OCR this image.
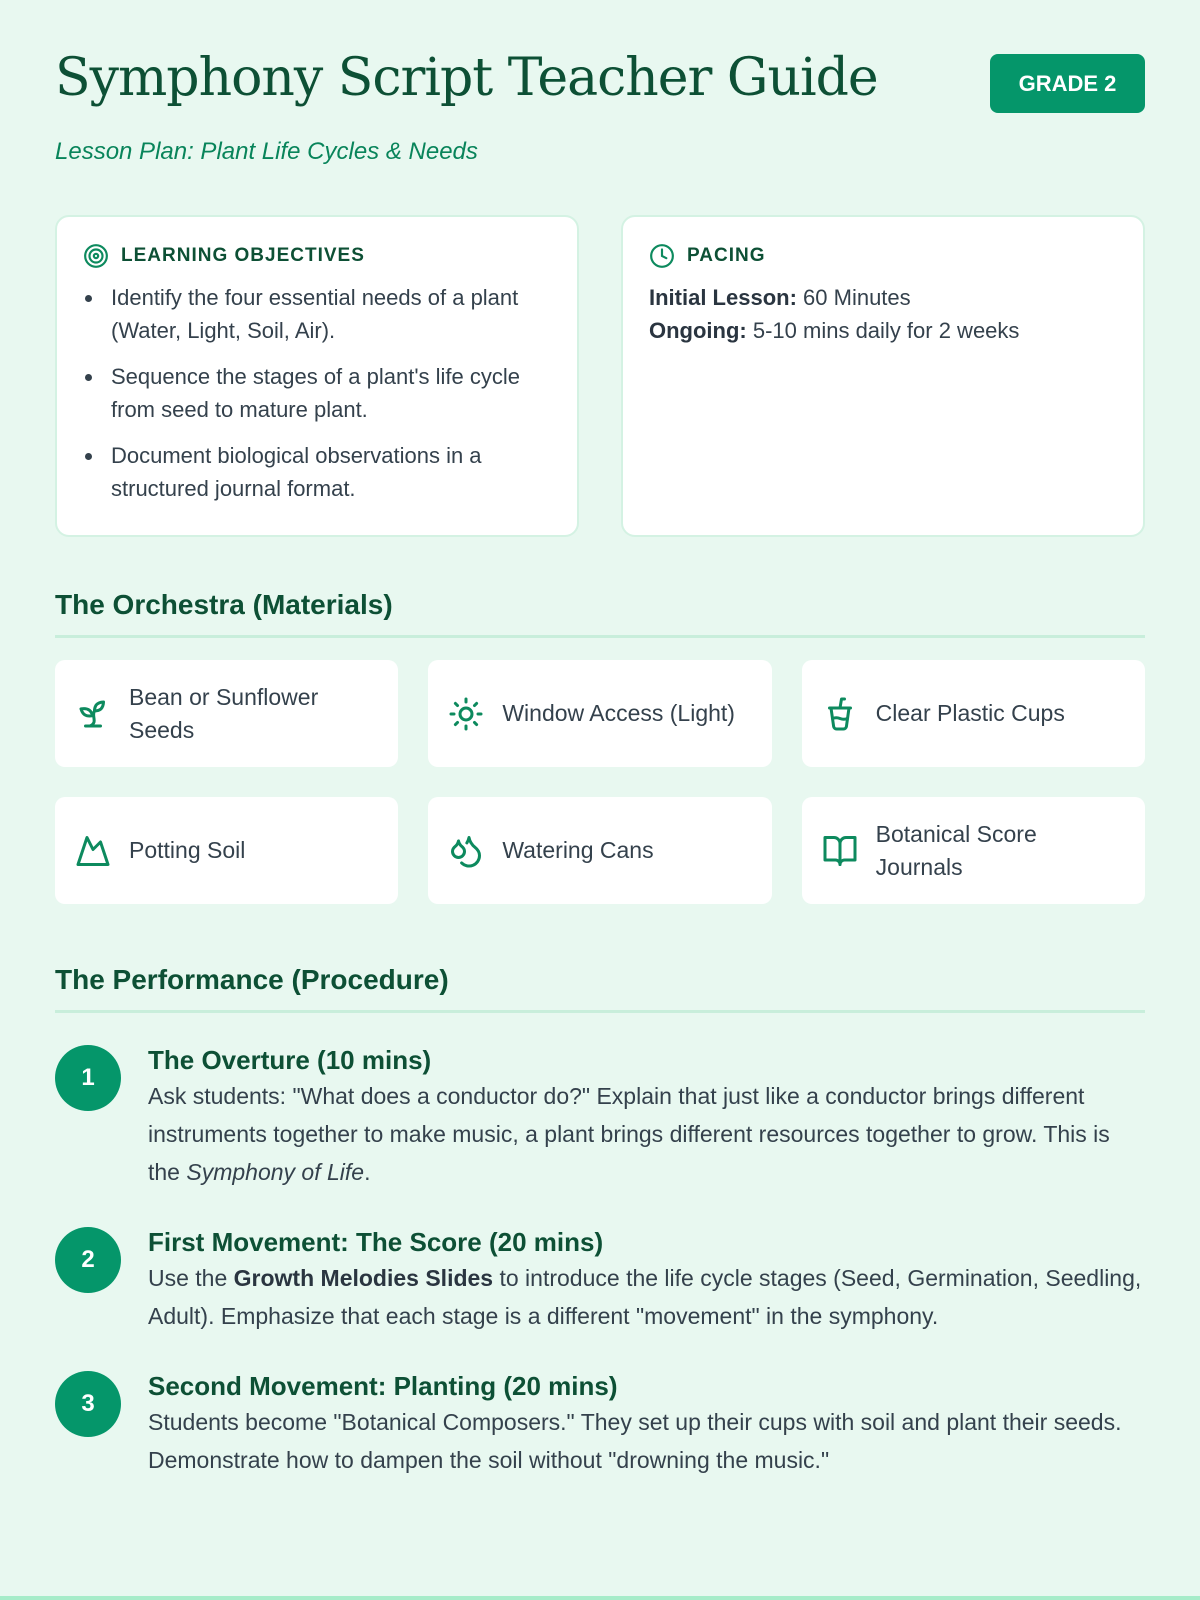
Symphony Script Teacher Guide	GRADE 2
Lesson Plan: Plant Life Cycles & Needs
LEARNING OBJECTIVES
Identify the four essential needs of a plant (Water, Light, Soil, Air).
Sequence the stages of a plant's life cycle from seed to mature plant.
Document biological observations in a structured journal format.
PACING
Initial Lesson: 60 Minutes
Ongoing: 5-10 mins daily for 2 weeks
The Orchestra (Materials)
Bean or Sunflower Seeds
Window Access (Light)	Clear Plastic Cups
Potting Soil	Watering Cans
Botanical Score Journals
The Performance (Procedure)
1
The Overture (10 mins)
Ask students: "What does a conductor do?" Explain that just like a conductor brings different instruments together to make music, a plant brings different resources together to grow. This is the Symphony of Life.
2
First Movement: The Score (20 mins)
Use the Growth Melodies Slides to introduce the life cycle stages (Seed, Germination, Seedling, Adult). Emphasize that each stage is a different "movement" in the symphony.
3
Second Movement: Planting (20 mins)
Students become "Botanical Composers." They set up their cups with soil and plant their seeds. Demonstrate how to dampen the soil without "drowning the music."
